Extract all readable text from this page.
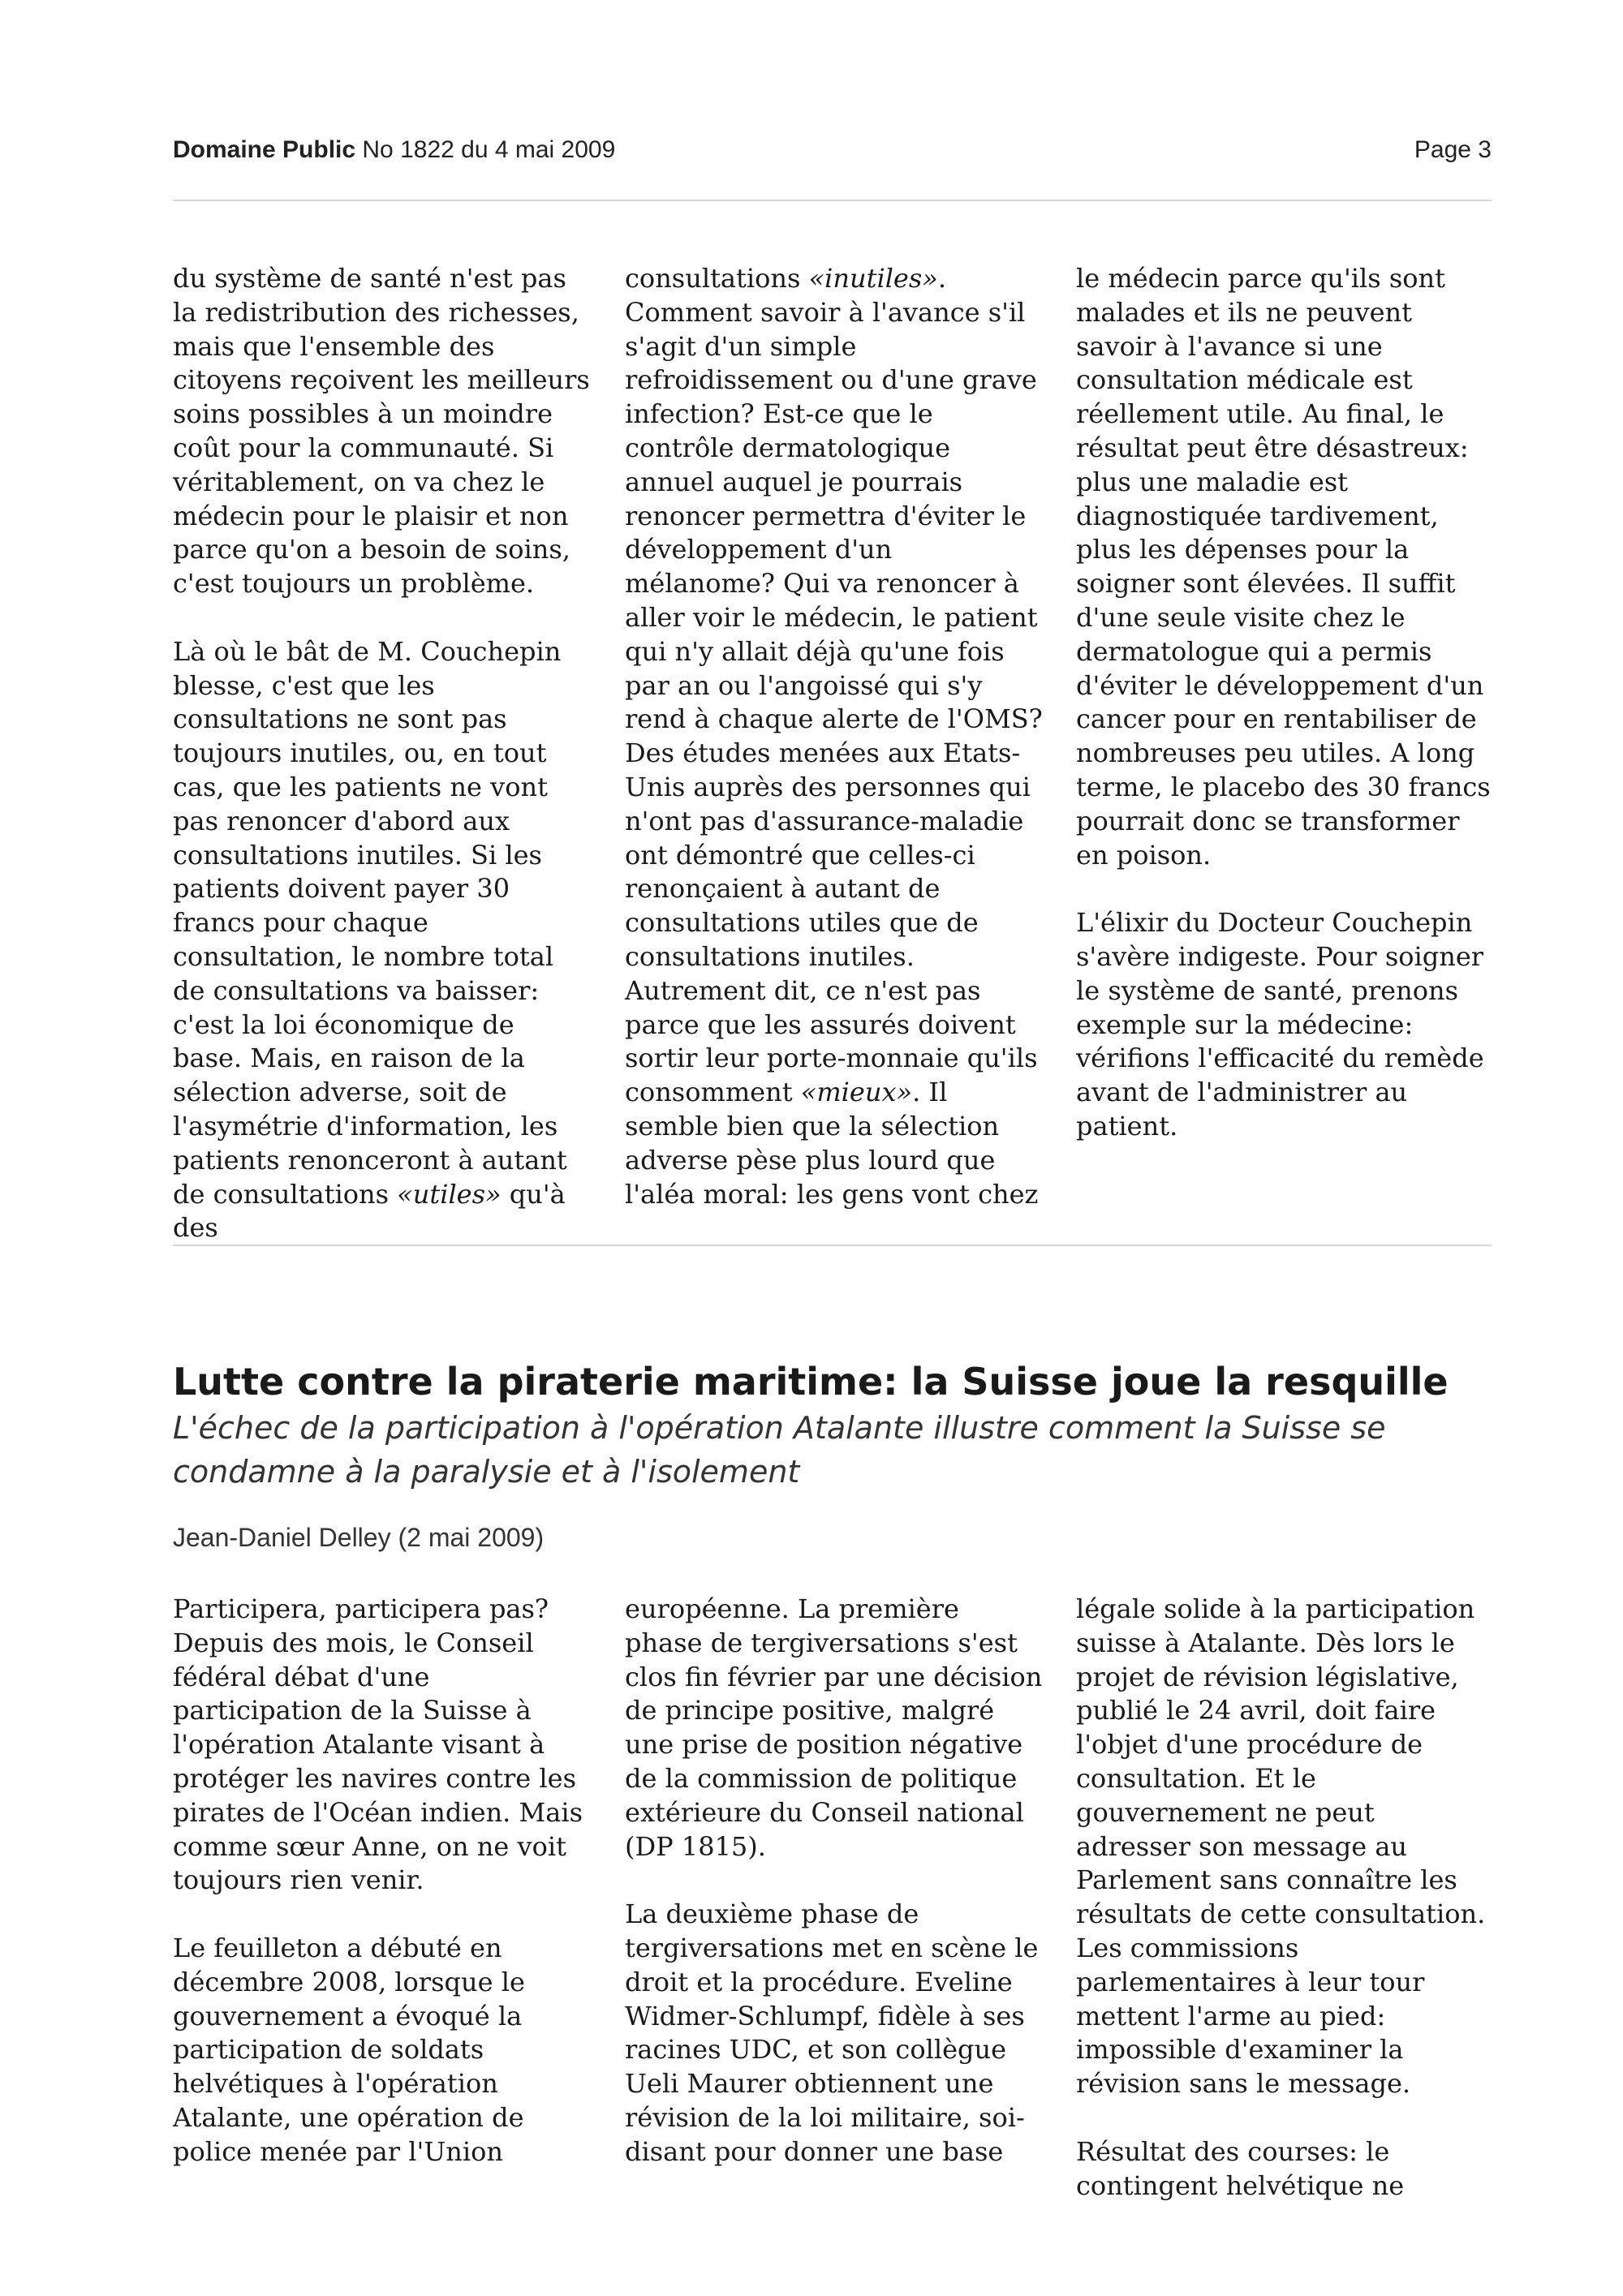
Domaine Public No 1822 du 4 mai 2009	Page 3

du système de santé n'est pas la redistribution des richesses, mais que l'ensemble des citoyens reçoivent les meilleurs soins possibles à un moindre coût pour la communauté. Si véritablement, on va chez le médecin pour le plaisir et non parce qu'on a besoin de soins, c'est toujours un problème.

Là où le bât de M. Couchepin blesse, c'est que les consultations ne sont pas toujours inutiles, ou, en tout cas, que les patients ne vont pas renoncer d'abord aux consultations inutiles. Si les patients doivent payer 30 francs pour chaque consultation, le nombre total de consultations va baisser: c'est la loi économique de base. Mais, en raison de la sélection adverse, soit de l'asymétrie d'information, les patients renonceront à autant de consultations «utiles» qu'à des

consultations «inutiles». Comment savoir à l'avance s'il s'agit d'un simple refroidissement ou d'une grave infection? Est-ce que le contrôle dermatologique annuel auquel je pourrais renoncer permettra d'éviter le développement d'un mélanome? Qui va renoncer à aller voir le médecin, le patient qui n'y allait déjà qu'une fois par an ou l'angoissé qui s'y rend à chaque alerte de l'OMS? Des études menées aux Etats-Unis auprès des personnes qui n'ont pas d'assurance-maladie ont démontré que celles-ci renonçaient à autant de consultations utiles que de consultations inutiles. Autrement dit, ce n'est pas parce que les assurés doivent sortir leur porte-monnaie qu'ils consomment «mieux». Il semble bien que la sélection adverse pèse plus lourd que l'aléa moral: les gens vont chez

le médecin parce qu'ils sont malades et ils ne peuvent savoir à l'avance si une consultation médicale est réellement utile. Au final, le résultat peut être désastreux: plus une maladie est diagnostiquée tardivement, plus les dépenses pour la soigner sont élevées. Il suffit d'une seule visite chez le dermatologue qui a permis d'éviter le développement d'un cancer pour en rentabiliser de nombreuses peu utiles. A long terme, le placebo des 30 francs pourrait donc se transformer en poison.

L'élixir du Docteur Couchepin s'avère indigeste. Pour soigner le système de santé, prenons exemple sur la médecine: vérifions l'efficacité du remède avant de l'administrer au patient.

Lutte contre la piraterie maritime: la Suisse joue la resquille
L'échec de la participation à l'opération Atalante illustre comment la Suisse se condamne à la paralysie et à l'isolement
Jean-Daniel Delley (2 mai 2009)

Participera, participera pas? Depuis des mois, le Conseil fédéral débat d'une participation de la Suisse à l'opération Atalante visant à protéger les navires contre les pirates de l'Océan indien. Mais comme sœur Anne, on ne voit toujours rien venir.

Le feuilleton a débuté en décembre 2008, lorsque le gouvernement a évoqué la participation de soldats helvétiques à l'opération Atalante, une opération de police menée par l'Union

européenne. La première phase de tergiversations s'est clos fin février par une décision de principe positive, malgré une prise de position négative de la commission de politique extérieure du Conseil national (DP 1815).

La deuxième phase de tergiversations met en scène le droit et la procédure. Eveline Widmer-Schlumpf, fidèle à ses racines UDC, et son collègue Ueli Maurer obtiennent une révision de la loi militaire, soi-disant pour donner une base

légale solide à la participation suisse à Atalante. Dès lors le projet de révision législative, publié le 24 avril, doit faire l'objet d'une procédure de consultation. Et le gouvernement ne peut adresser son message au Parlement sans connaître les résultats de cette consultation. Les commissions parlementaires à leur tour mettent l'arme au pied: impossible d'examiner la révision sans le message.

Résultat des courses: le contingent helvétique ne
